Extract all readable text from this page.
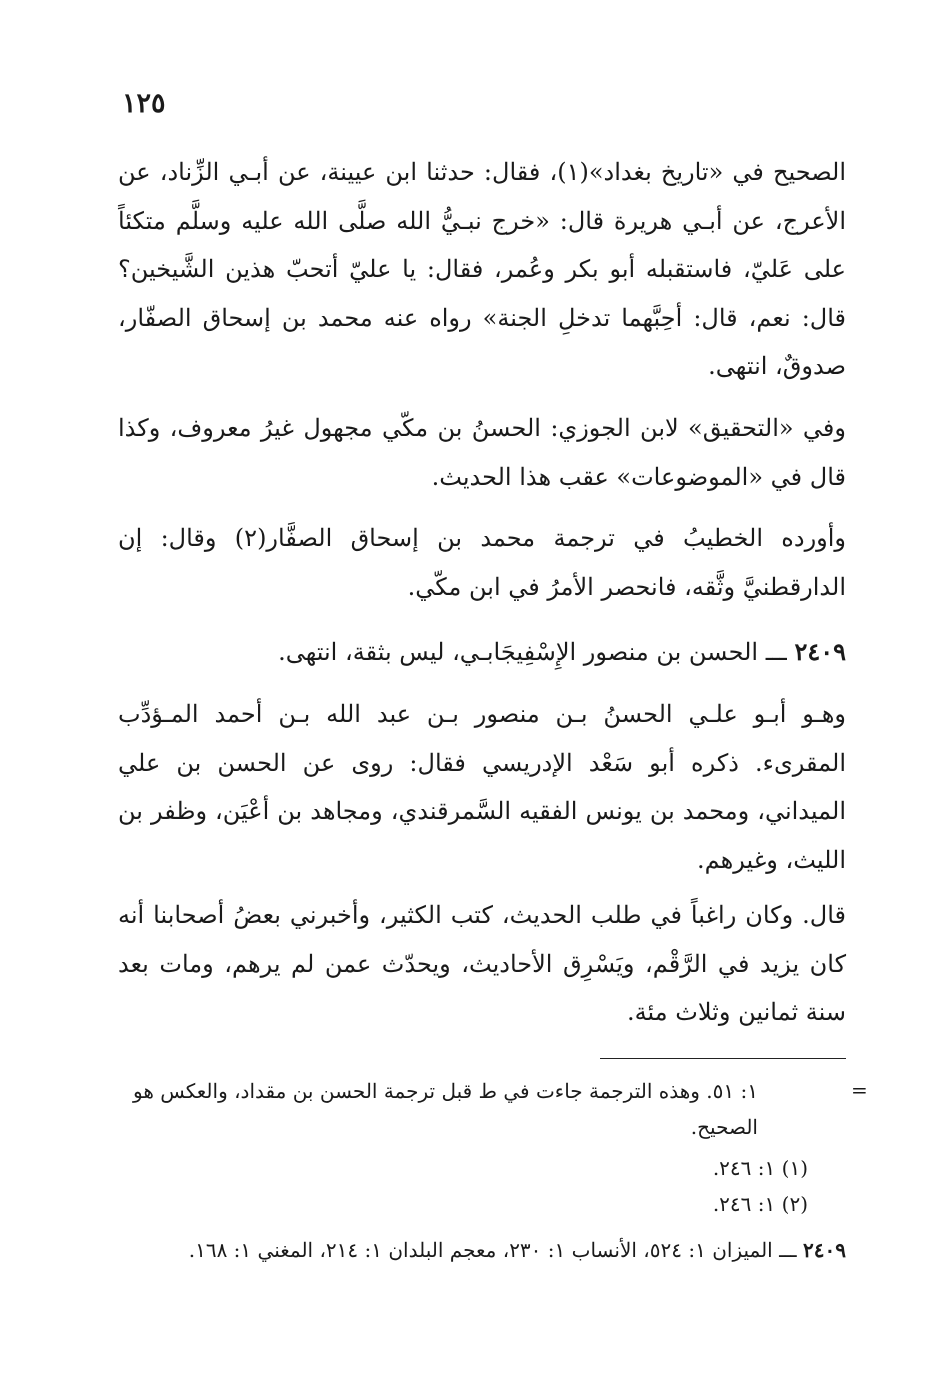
١٢٥

الصحيح في «تاريخ بغداد»(١)، فقال: حدثنا ابن عيينة، عن أبـي الزِّناد، عن الأعرج، عن أبـي هريرة قال: «خرج نبـيُّ الله صلَّى الله عليه وسلَّم متكئاً على عَليّ، فاستقبله أبو بكر وعُمر، فقال: يا عليّ أتحبّ هذين الشَّيخين؟ قال: نعم، قال: أحِبَّهما تدخلِ الجنة» رواه عنه محمد بن إسحاق الصفّار، صدوقٌ، انتهى.

وفي «التحقيق» لابن الجوزي: الحسنُ بن مكّي مجهول غيرُ معروف، وكذا قال في «الموضوعات» عقب هذا الحديث.

وأورده الخطيبُ في ترجمة محمد بن إسحاق الصفَّار(٢) وقال: إن الدارقطنيَّ وثَّقه، فانحصر الأمرُ في ابن مكّي.

٢٤٠٩ ـــ الحسن بن منصور الإِسْفِيجَابـي، ليس بثقة، انتهى.

وهـو أبـو علـي الحسنُ بـن منصور بـن عبد الله بـن أحمد المـؤدِّب المقرىء. ذكره أبو سَعْد الإدريسي فقال: روى عن الحسن بن علي الميداني، ومحمد بن يونس الفقيه السَّمرقندي، ومجاهد بن أعْيَن، وظفر بن الليث، وغيرهم.

قال. وكان راغباً في طلب الحديث، كتب الكثير، وأخبرني بعضُ أصحابنا أنه كان يزيد في الرَّقْم، ويَسْرِق الأحاديث، ويحدّث عمن لم يرهم، ومات بعد سنة ثمانين وثلاث مئة.

=

١: ٥١. وهذه الترجمة جاءت في ط قبل ترجمة الحسن بن مقداد، والعكس هو الصحيح.

(١) ١: ٢٤٦.

(٢) ١: ٢٤٦.

٢٤٠٩ ـــ الميزان ١: ٥٢٤، الأنساب ١: ٢٣٠، معجم البلدان ١: ٢١٤، المغني ١: ١٦٨.
